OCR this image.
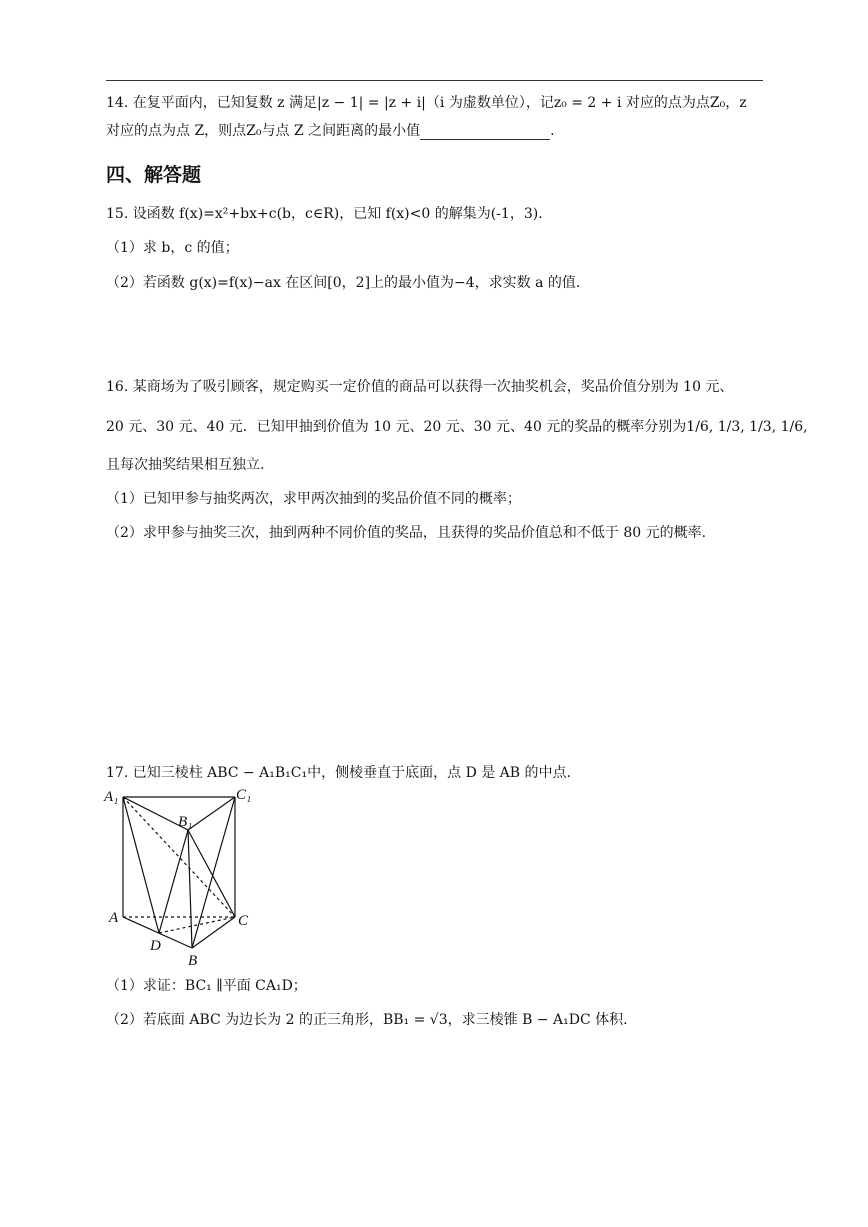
14. 在复平面内，已知复数 z 满足|z − 1| = |z + i|（i 为虚数单位），记z₀ = 2 + i 对应的点为点Z₀，z
对应的点为点 Z，则点Z₀与点 Z 之间距离的最小值	.
四、解答题
15. 设函数 f(x)=x²+bx+c(b，c∈R)，已知 f(x)<0 的解集为(-1，3).
（1）求 b，c 的值；
（2）若函数 g(x)=f(x)−ax 在区间[0，2]上的最小值为−4，求实数 a 的值.
16. 某商场为了吸引顾客，规定购买一定价值的商品可以获得一次抽奖机会，奖品价值分别为 10 元、
20 元、30 元、40 元．已知甲抽到价值为 10 元、20 元、30 元、40 元的奖品的概率分别为1/6, 1/3, 1/3, 1/6,
且每次抽奖结果相互独立.
（1）已知甲参与抽奖两次，求甲两次抽到的奖品价值不同的概率；
（2）求甲参与抽奖三次，抽到两种不同价值的奖品，且获得的奖品价值总和不低于 80 元的概率.
17. 已知三棱柱 ABC − A₁B₁C₁中，侧棱垂直于底面，点 D 是 AB 的中点.
A₁	C₁
B₁
A	C
D
B
（1）求证：BC₁ ∥平面 CA₁D；
（2）若底面 ABC 为边长为 2 的正三角形，BB₁ = √3，求三棱锥 B − A₁DC 体积.
